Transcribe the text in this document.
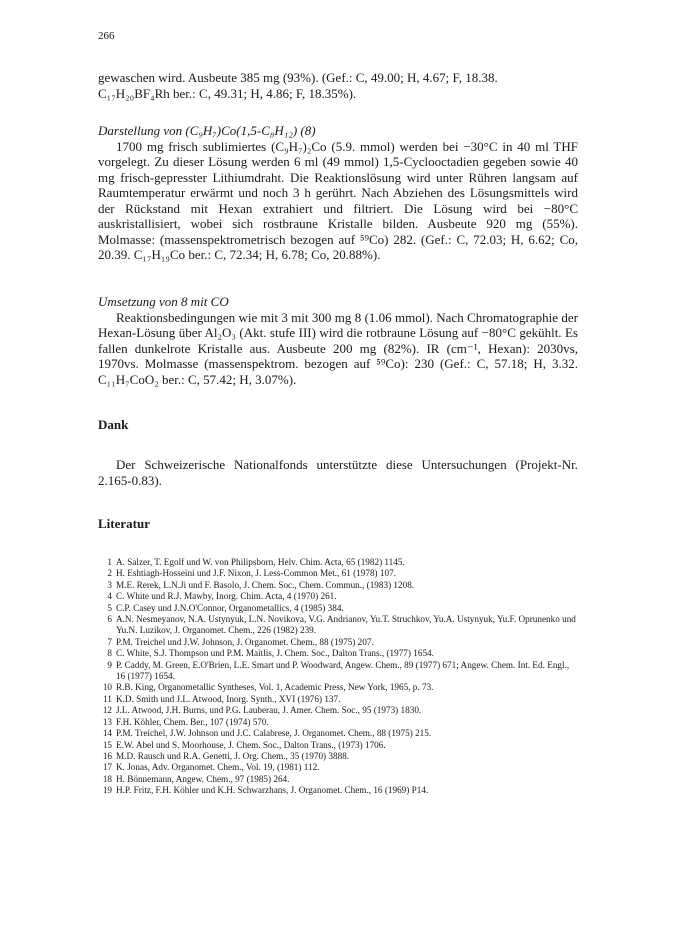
266

gewaschen wird. Ausbeute 385 mg (93%). (Gef.: C, 49.00; H, 4.67; F, 18.38.

C₁₇H₂₀BF₄Rh ber.: C, 49.31; H, 4.86; F, 18.35%).

Darstellung von (C₉H₇)Co(1,5-C₈H₁₂) (8)

1700 mg frisch sublimiertes (C₉H₇)₂Co (5.9. mmol) werden bei −30°C in 40 ml THF vorgelegt. Zu dieser Lösung werden 6 ml (49 mmol) 1,5-Cyclooctadien gegeben sowie 40 mg frisch-gepresster Lithiumdraht. Die Reaktionslösung wird unter Rühren langsam auf Raumtemperatur erwärmt und noch 3 h gerührt. Nach Abziehen des Lösungsmittels wird der Rückstand mit Hexan extrahiert und filtriert. Die Lösung wird bei −80°C auskristallisiert, wobei sich rostbraune Kristalle bilden. Ausbeute 920 mg (55%). Molmasse: (massenspektrometrisch bezogen auf ⁵⁹Co) 282. (Gef.: C, 72.03; H, 6.62; Co, 20.39. C₁₇H₁₉Co ber.: C, 72.34; H, 6.78; Co, 20.88%).

Umsetzung von 8 mit CO

Reaktionsbedingungen wie mit 3 mit 300 mg 8 (1.06 mmol). Nach Chromatographie der Hexan-Lösung über Al₂O₃ (Akt. stufe III) wird die rotbraune Lösung auf −80°C gekühlt. Es fallen dunkelrote Kristalle aus. Ausbeute 200 mg (82%). IR (cm⁻¹, Hexan): 2030vs, 1970vs. Molmasse (massenspektrom. bezogen auf ⁵⁹Co): 230 (Gef.: C, 57.18; H, 3.32. C₁₁H₇CoO₂ ber.: C, 57.42; H, 3.07%).

Dank

Der Schweizerische Nationalfonds unterstützte diese Untersuchungen (Projekt-Nr. 2.165-0.83).

Literatur
1 A. Salzer, T. Egolf und W. von Philipsborn, Helv. Chim. Acta, 65 (1982) 1145.
2 H. Eshtiagh-Hosseini und J.F. Nixon, J. Less-Common Met., 61 (1978) 107.
3 M.E. Rerek, L.N.Ji und F. Basolo, J. Chem. Soc., Chem. Commun., (1983) 1208.
4 C. White und R.J. Mawby, Inorg. Chim. Acta, 4 (1970) 261.
5 C.P. Casey und J.N.O'Connor, Organometallics, 4 (1985) 384.
6 A.N. Nesmeyanov, N.A. Ustynyuk, L.N. Novikova, V.G. Andrianov, Yu.T. Struchkov, Yu.A. Ustynyuk, Yu.F. Oprunenko und Yu.N. Luzikov, J. Organomet. Chem., 226 (1982) 239.
7 P.M. Treichel und J.W. Johnson, J. Organomet. Chem., 88 (1975) 207.
8 C. White, S.J. Thompson und P.M. Maitlis, J. Chem. Soc., Dalton Trans., (1977) 1654.
9 P. Caddy, M. Green, E.O'Brien, L.E. Smart und P. Woodward, Angew. Chem., 89 (1977) 671; Angew. Chem. Int. Ed. Engl., 16 (1977) 1654.
10 R.B. King, Organometallic Syntheses, Vol. 1, Academic Press, New York, 1965, p. 73.
11 K.D. Smith und J.L. Atwood, Inorg. Synth., XVI (1976) 137.
12 J.L. Atwood, J.H. Burns, und P.G. Lauberau, J. Amer. Chem. Soc., 95 (1973) 1830.
13 F.H. Köhler, Chem. Ber., 107 (1974) 570.
14 P.M. Treichel, J.W. Johnson und J.C. Calabrese, J. Organomet. Chem., 88 (1975) 215.
15 E.W. Abel und S. Moorhouse, J. Chem. Soc., Dalton Trans., (1973) 1706.
16 M.D. Rausch und R.A. Genetti, J. Org. Chem., 35 (1970) 3888.
17 K. Jonas, Adv. Organomet. Chem., Vol. 19, (1981) 112.
18 H. Bönnemann, Angew. Chem., 97 (1985) 264.
19 H.P. Fritz, F.H. Köhler und K.H. Schwarzhans, J. Organomet. Chem., 16 (1969) P14.
